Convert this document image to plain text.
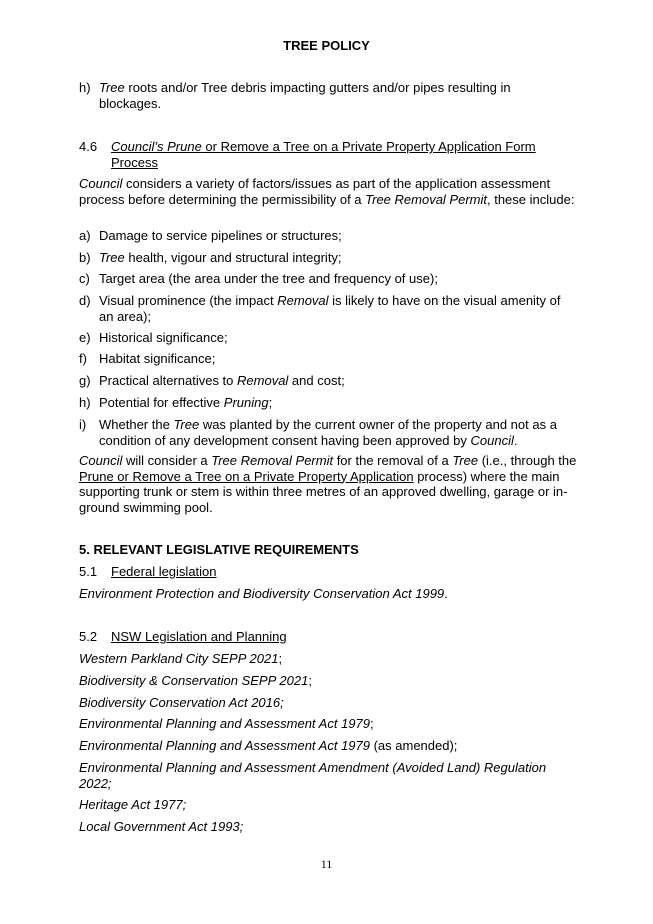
TREE POLICY
h) Tree roots and/or Tree debris impacting gutters and/or pipes resulting in blockages.
4.6 Council’s Prune or Remove a Tree on a Private Property Application Form Process
Council considers a variety of factors/issues as part of the application assessment process before determining the permissibility of a Tree Removal Permit, these include:
a) Damage to service pipelines or structures;
b) Tree health, vigour and structural integrity;
c) Target area (the area under the tree and frequency of use);
d) Visual prominence (the impact Removal is likely to have on the visual amenity of an area);
e) Historical significance;
f) Habitat significance;
g) Practical alternatives to Removal and cost;
h) Potential for effective Pruning;
i) Whether the Tree was planted by the current owner of the property and not as a condition of any development consent having been approved by Council.
Council will consider a Tree Removal Permit for the removal of a Tree (i.e., through the Prune or Remove a Tree on a Private Property Application process) where the main supporting trunk or stem is within three metres of an approved dwelling, garage or in-ground swimming pool.
5. RELEVANT LEGISLATIVE REQUIREMENTS
5.1 Federal legislation
Environment Protection and Biodiversity Conservation Act 1999.
5.2 NSW Legislation and Planning
Western Parkland City SEPP 2021;
Biodiversity & Conservation SEPP 2021;
Biodiversity Conservation Act 2016;
Environmental Planning and Assessment Act 1979;
Environmental Planning and Assessment Act 1979 (as amended);
Environmental Planning and Assessment Amendment (Avoided Land) Regulation 2022;
Heritage Act 1977;
Local Government Act 1993;
11
